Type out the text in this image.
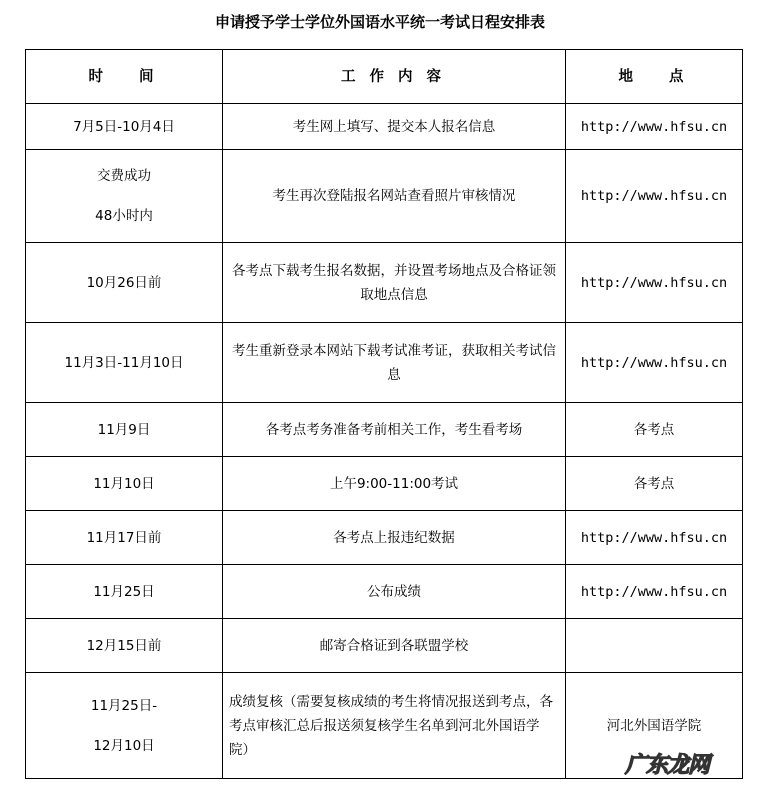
申请授予学士学位外国语水平统一考试日程安排表
时间	工作内容	地点

7月5日-10月4日	考生网上填写、提交本人报名信息	http://www.hfsu.cn

交费成功
48小时内	考生再次登陆报名网站查看照片审核情况	http://www.hfsu.cn

10月26日前	各考点下载考生报名数据，并设置考场地点及合格证领取地点信息	http://www.hfsu.cn

11月3日-11月10日	考生重新登录本网站下载考试准考证，获取相关考试信息	http://www.hfsu.cn

11月9日	各考点考务准备考前相关工作，考生看考场	各考点

11月10日	上午9:00-11:00考试	各考点

11月17日前	各考点上报违纪数据	http://www.hfsu.cn

11月25日	公布成绩	http://www.hfsu.cn

12月15日前	邮寄合格证到各联盟学校	

11月25日-
12月10日	成绩复核（需要复核成绩的考生将情况报送到考点，各考点审核汇总后报送须复核学生名单到河北外国语学院）	河北外国语学院
广东龙网
